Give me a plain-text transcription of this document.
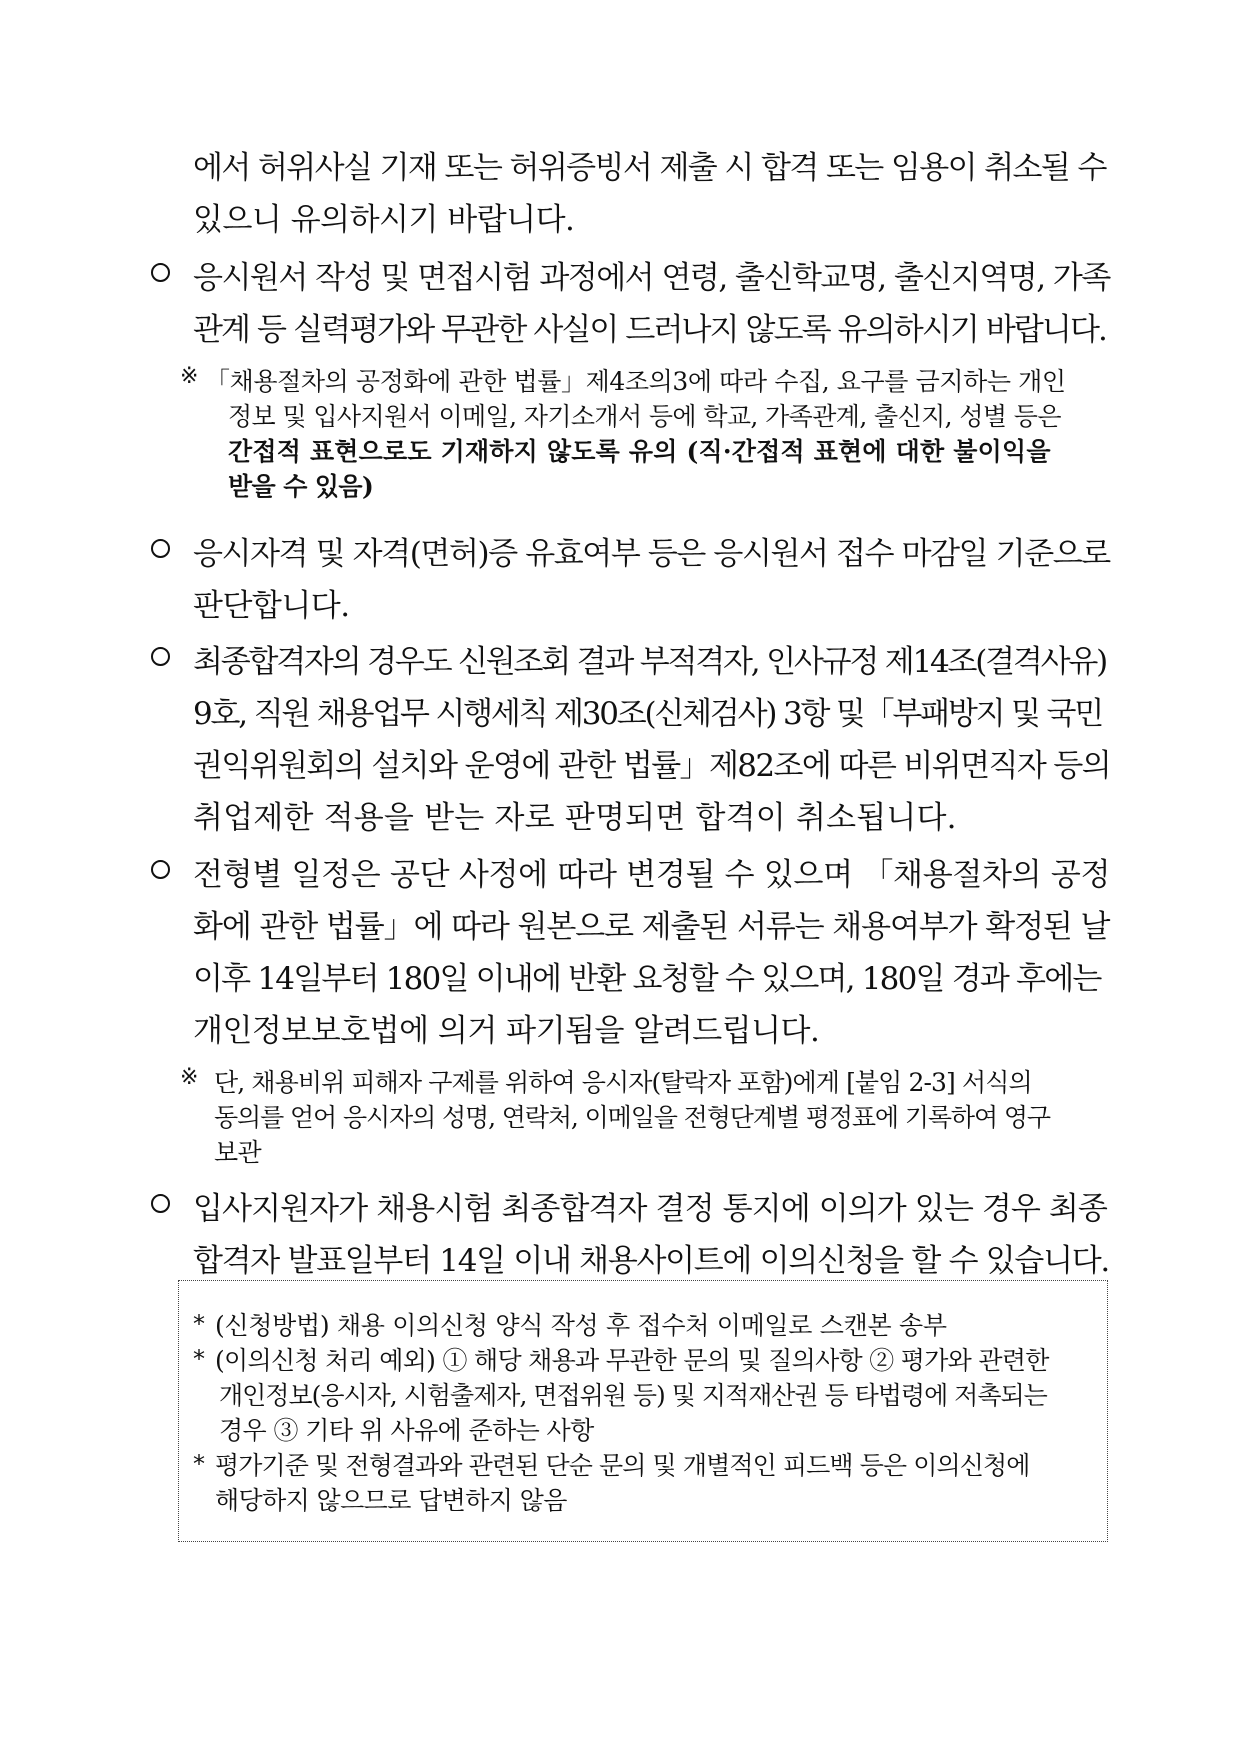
에서 허위사실 기재 또는 허위증빙서 제출 시 합격 또는 임용이 취소될 수
있으니 유의하시기 바랍니다.
응시원서 작성 및 면접시험 과정에서 연령, 출신학교명, 출신지역명, 가족
관계 등 실력평가와 무관한 사실이 드러나지 않도록 유의하시기 바랍니다.
※ 「채용절차의 공정화에 관한 법률」제4조의3에 따라 수집, 요구를 금지하는 개인
정보 및 입사지원서 이메일, 자기소개서 등에 학교, 가족관계, 출신지, 성별 등은
간접적 표현으로도 기재하지 않도록 유의 (직·간접적 표현에 대한 불이익을
받을 수 있음)
응시자격 및 자격(면허)증 유효여부 등은 응시원서 접수 마감일 기준으로
판단합니다.
최종합격자의 경우도 신원조회 결과 부적격자, 인사규정 제14조(결격사유)
9호, 직원 채용업무 시행세칙 제30조(신체검사) 3항 및「부패방지 및 국민
권익위원회의 설치와 운영에 관한 법률」제82조에 따른 비위면직자 등의
취업제한 적용을 받는 자로 판명되면 합격이 취소됩니다.
전형별 일정은 공단 사정에 따라 변경될 수 있으며 「채용절차의 공정
화에 관한 법률」에 따라 원본으로 제출된 서류는 채용여부가 확정된 날
이후 14일부터 180일 이내에 반환 요청할 수 있으며, 180일 경과 후에는
개인정보보호법에 의거 파기됨을 알려드립니다.
※ 단, 채용비위 피해자 구제를 위하여 응시자(탈락자 포함)에게 [붙임 2-3] 서식의
동의를 얻어 응시자의 성명, 연락처, 이메일을 전형단계별 평정표에 기록하여 영구
보관
입사지원자가 채용시험 최종합격자 결정 통지에 이의가 있는 경우 최종
합격자 발표일부터 14일 이내 채용사이트에 이의신청을 할 수 있습니다.
* (신청방법) 채용 이의신청 양식 작성 후 접수처 이메일로 스캔본 송부
* (이의신청 처리 예외) ① 해당 채용과 무관한 문의 및 질의사항 ② 평가와 관련한
개인정보(응시자, 시험출제자, 면접위원 등) 및 지적재산권 등 타법령에 저촉되는
경우 ③ 기타 위 사유에 준하는 사항
* 평가기준 및 전형결과와 관련된 단순 문의 및 개별적인 피드백 등은 이의신청에
해당하지 않으므로 답변하지 않음
